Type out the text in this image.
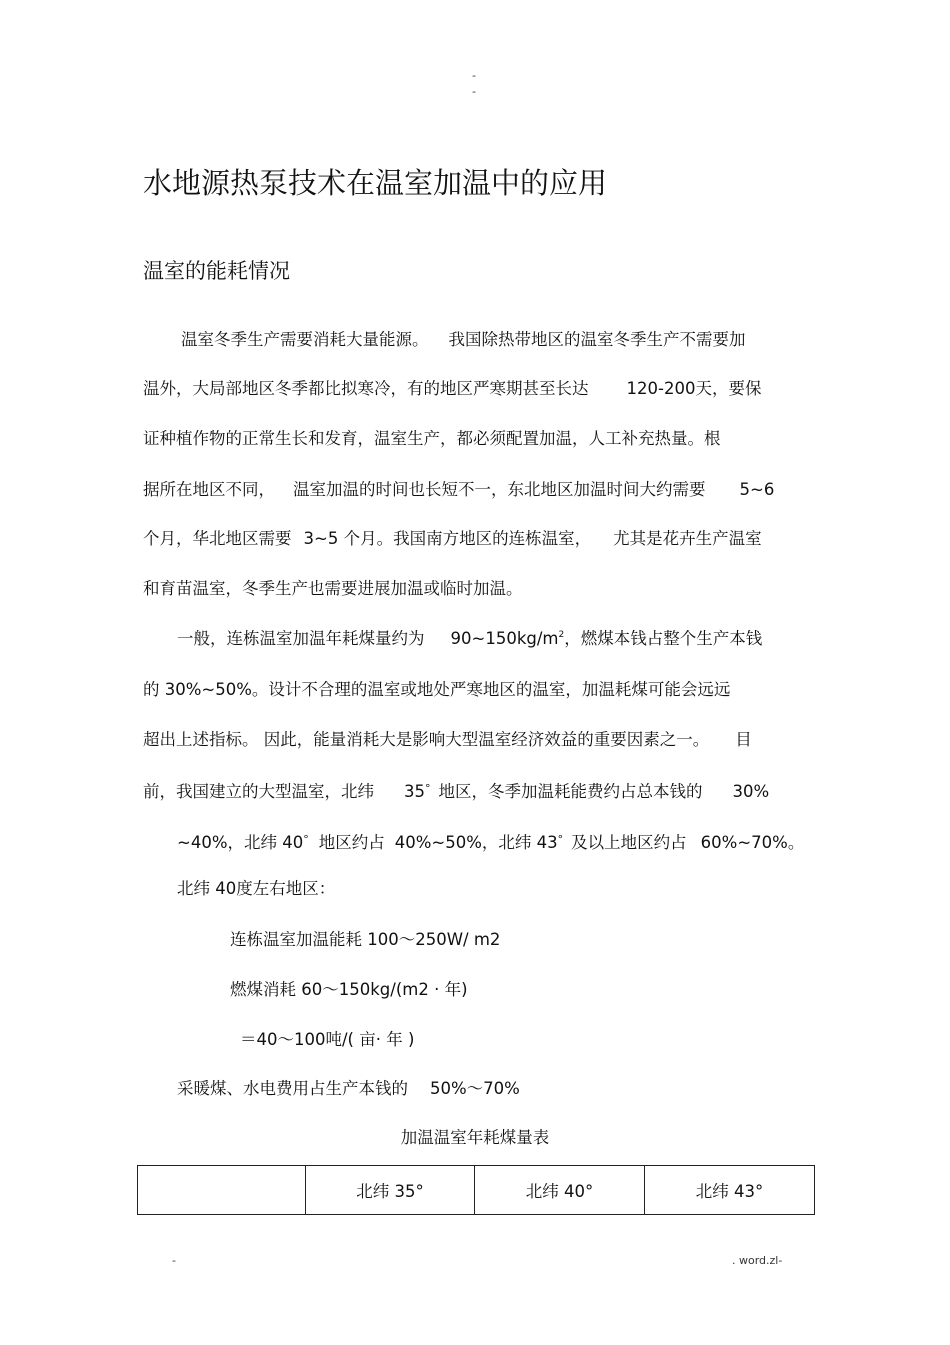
-
-
水地源热泵技术在温室加温中的应用
温室的能耗情况
温室冬季生产需要消耗大量能源。 我国除热带地区的温室冬季生产不需要加
温外，大局部地区冬季都比拟寒冷，有的地区严寒期甚至长达 120-200天，要保
证种植作物的正常生长和发育，温室生产，都必须配置加温，人工补充热量。根
据所在地区不同， 温室加温的时间也长短不一，东北地区加温时间大约需要 5~6
个月，华北地区需要 3~5 个月。我国南方地区的连栋温室， 尤其是花卉生产温室
和育苗温室，冬季生产也需要进展加温或临时加温。
一般，连栋温室加温年耗煤量约为 $90\sim 150kg/m^2$，燃煤本钱占整个生产本钱
的 30%~50%。设计不合理的温室或地处严寒地区的温室，加温耗煤可能会远远
超出上述指标。 因此，能量消耗大是影响大型温室经济效益的重要因素之一。 目
前，我国建立的大型温室，北纬 35° 地区，冬季加温耗能费约占总本钱的 30%
~40%，北纬 40° 地区约占 40%~50%，北纬 43° 及以上地区约占 60%~70%。
北纬 40度左右地区：
连栋温室加温能耗 100～250W/ m2
燃煤消耗 60～150kg/(m2 · 年)
＝40～100吨/( 亩· 年 )
采暖煤、水电费用占生产本钱的 50%～70%
加温温室年耗煤量表
	北纬 35°	北纬 40°	北纬 43°
-	. word.zl-
